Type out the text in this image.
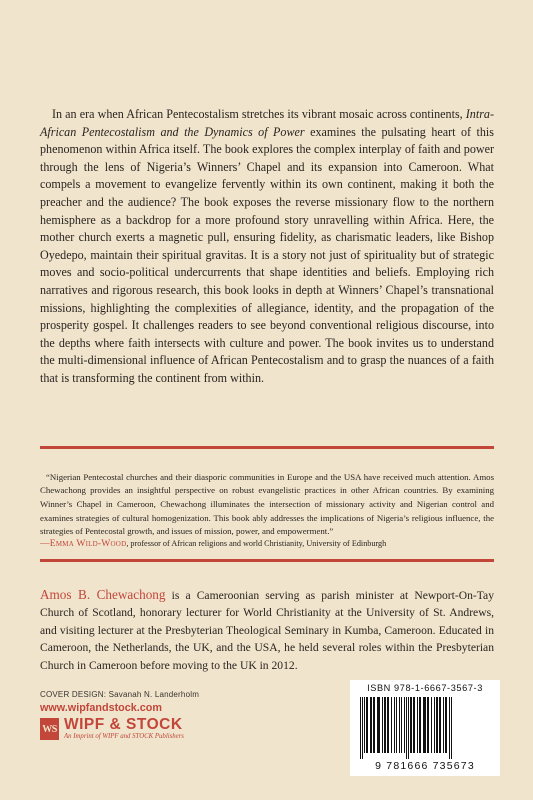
In an era when African Pentecostalism stretches its vibrant mosaic across continents, Intra-African Pentecostalism and the Dynamics of Power examines the pulsating heart of this phenomenon within Africa itself. The book explores the complex interplay of faith and power through the lens of Nigeria’s Winners’ Chapel and its expansion into Cameroon. What compels a movement to evangelize fervently within its own continent, making it both the preacher and the audience? The book exposes the reverse missionary flow to the northern hemisphere as a backdrop for a more profound story unravelling within Africa. Here, the mother church exerts a magnetic pull, ensuring fidelity, as charismatic leaders, like Bishop Oyedepo, maintain their spiritual gravitas. It is a story not just of spirituality but of strategic moves and socio-political undercurrents that shape identities and beliefs. Employing rich narratives and rigorous research, this book looks in depth at Winners’ Chapel’s transnational missions, highlighting the complexities of allegiance, identity, and the propagation of the prosperity gospel. It challenges readers to see beyond conventional religious discourse, into the depths where faith intersects with culture and power. The book invites us to understand the multi-dimensional influence of African Pentecostalism and to grasp the nuances of a faith that is transforming the continent from within.

“Nigerian Pentecostal churches and their diasporic communities in Europe and the USA have received much attention. Amos Chewachong provides an insightful perspective on robust evangelistic practices in other African countries. By examining Winner’s Chapel in Cameroon, Chewachong illuminates the intersection of missionary activity and Nigerian control and examines strategies of cultural homogenization. This book ably addresses the implications of Nigeria’s religious influence, the strategies of Pentecostal growth, and issues of mission, power, and empowerment.”

—Emma Wild-Wood, professor of African religions and world Christianity, University of Edinburgh

Amos B. Chewachong is a Cameroonian serving as parish minister at Newport-On-Tay Church of Scotland, honorary lecturer for World Christianity at the University of St. Andrews, and visiting lecturer at the Presbyterian Theological Seminary in Kumba, Cameroon. Educated in Cameroon, the Netherlands, the UK, and the USA, he held several roles within the Presbyterian Church in Cameroon before moving to the UK in 2012.

COVER DESIGN: Savanah N. Landerholm
www.wipfandstock.com
WS WIPF & STOCK
An Imprint of WIPF and STOCK Publishers
ISBN 978-1-6667-3567-3
9 781666 735673
